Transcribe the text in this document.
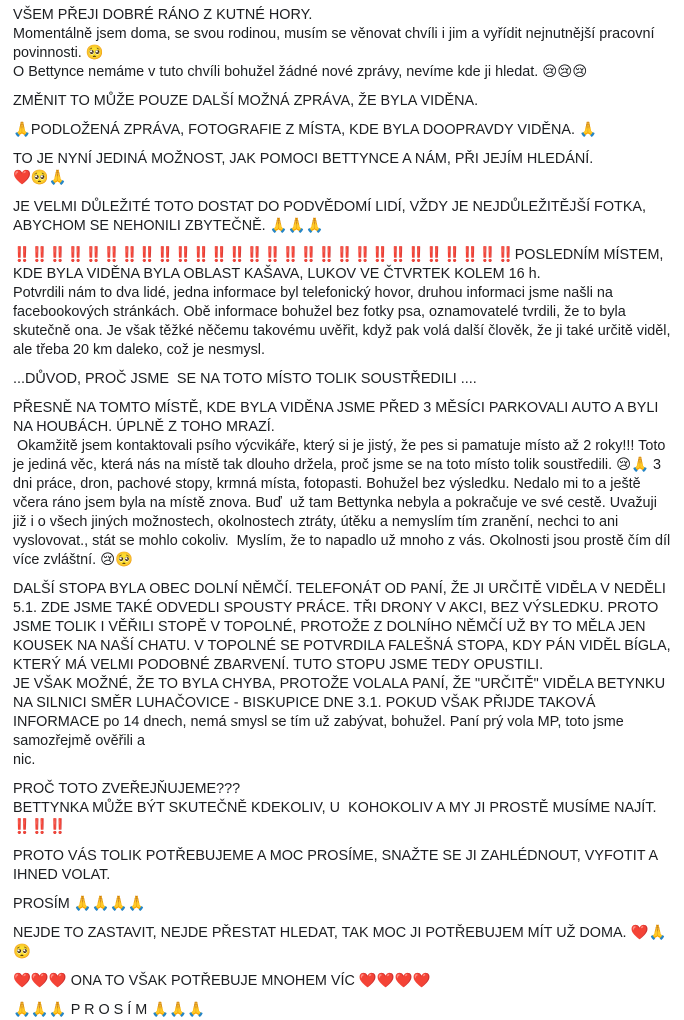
VŠEM PŘEJI DOBRÉ RÁNO Z KUTNÉ HORY.
Momentálně jsem doma, se svou rodinou, musím se věnovat chvíli i jim a vyřídit nejnutnější pracovní povinnosti. 🥺
O Bettynce nemáme v tuto chvíli bohužel žádné nové zprávy, nevíme kde ji hledat. 😢😢😢

ZMĚNIT TO MŮŽE POUZE DALŠÍ MOŽNÁ ZPRÁVA, ŽE BYLA VIDĚNA.

🙏PODLOŽENÁ ZPRÁVA, FOTOGRAFIE Z MÍSTA, KDE BYLA DOOPRAVDY VIDĚNA. 🙏

TO JE NYNÍ JEDINÁ MOŽNOST, JAK POMOCI BETTYNCE A NÁM, PŘI JEJÍM HLEDÁNÍ.
❤️🥺🙏

JE VELMI DŮLEŽITÉ TOTO DOSTAT DO PODVĚDOMÍ LIDÍ, VŽDY JE NEJDŮLEŽITĚJŠÍ FOTKA, ABYCHOM SE NEHONILI ZBYTEČNĚ. 🙏🙏🙏

‼️‼️‼️‼️‼️‼️‼️‼️‼️‼️‼️‼️‼️‼️‼️‼️‼️‼️‼️‼️‼️‼️‼️‼️‼️‼️‼️‼️POSLEDNÍM MÍSTEM, KDE BYLA VIDĚNA BYLA OBLAST KAŠAVA, LUKOV VE ČTVRTEK KOLEM 16 h.
Potvrdili nám to dva lidé, jedna informace byl telefonický hovor, druhou informaci jsme našli na facebookových stránkách. Obě informace bohužel bez fotky psa, oznamovatelé tvrdili, že to byla skutečně ona. Je však těžké něčemu takovému uvěřit, když pak volá další člověk, že ji také určitě viděl, ale třeba 20 km daleko, což je nesmysl.

...DŮVOD, PROČ JSME  SE NA TOTO MÍSTO TOLIK SOUSTŘEDILI ....

PŘESNĚ NA TOMTO MÍSTĚ, KDE BYLA VIDĚNA JSME PŘED 3 MĚSÍCI PARKOVALI AUTO A BYLI NA HOUBÁCH. ÚPLNĚ Z TOHO MRAZÍ.
Okamžitě jsem kontaktovali psího výcvikáře, který si je jistý, že pes si pamatuje místo až 2 roky!!! Toto je jediná věc, která nás na místě tak dlouho držela, proč jsme se na toto místo tolik soustředili. 😢🙏 3 dni práce, dron, pachové stopy, krmná místa, fotopasti. Bohužel bez výsledku. Nedalo mi to a ještě včera ráno jsem byla na místě znova. Buď  už tam Bettynka nebyla a pokračuje ve své cestě. Uvažuji již i o všech jiných možnostech, okolnostech ztráty, útěku a nemyslím tím zranění, nechci to ani vyslovovat., stát se mohlo cokoliv.  Myslím, že to napadlo už mnoho z vás. Okolnosti jsou prostě čím díl více zvláštní. 😢🥺

DALŠÍ STOPA BYLA OBEC DOLNÍ NĚMČÍ. TELEFONÁT OD PANÍ, ŽE JI URČITĚ VIDĚLA V NEDĚLI 5.1. ZDE JSME TAKÉ ODVEDLI SPOUSTY PRÁCE. TŘI DRONY V AKCI, BEZ VÝSLEDKU. PROTO JSME TOLIK I VĚŘILI STOPĚ V TOPOLNÉ, PROTOŽE Z DOLNÍHO NĚMČÍ UŽ BY TO MĚLA JEN KOUSEK NA NAŠÍ CHATU. V TOPOLNÉ SE POTVRDILA FALEŠNÁ STOPA, KDY PÁN VIDĚL BÍGLA, KTERÝ MÁ VELMI PODOBNÉ ZBARVENÍ. TUTO STOPU JSME TEDY OPUSTILI.
JE VŠAK MOŽNÉ, ŽE TO BYLA CHYBA, PROTOŽE VOLALA PANÍ, ŽE "URČITĚ" VIDĚLA BETYNKU NA SILNICI SMĚR LUHAČOVICE - BISKUPICE DNE 3.1. POKUD VŠAK PŘIJDE TAKOVÁ INFORMACE po 14 dnech, nemá smysl se tím už zabývat, bohužel. Paní prý vola MP, toto jsme samozřejmě ověřili a
nic.

PROČ TOTO ZVEŘEJŇUJEME???
BETTYNKA MŮŽE BÝT SKUTEČNĚ KDEKOLIV, U  KOHOKOLIV A MY JI PROSTĚ MUSÍME NAJÍT. ‼️‼️‼️

PROTO VÁS TOLIK POTŘEBUJEME A MOC PROSÍME, SNAŽTE SE JI ZAHLÉDNOUT, VYFOTIT A IHNED VOLAT.

PROSÍM 🙏🙏🙏🙏

NEJDE TO ZASTAVIT, NEJDE PŘESTAT HLEDAT, TAK MOC JI POTŘEBUJEM MÍT UŽ DOMA. ❤️🙏🥺

❤️❤️❤️ ONA TO VŠAK POTŘEBUJE MNOHEM VÍC ❤️❤️❤️❤️

🙏🙏🙏 P R O S Í M 🙏🙏🙏
